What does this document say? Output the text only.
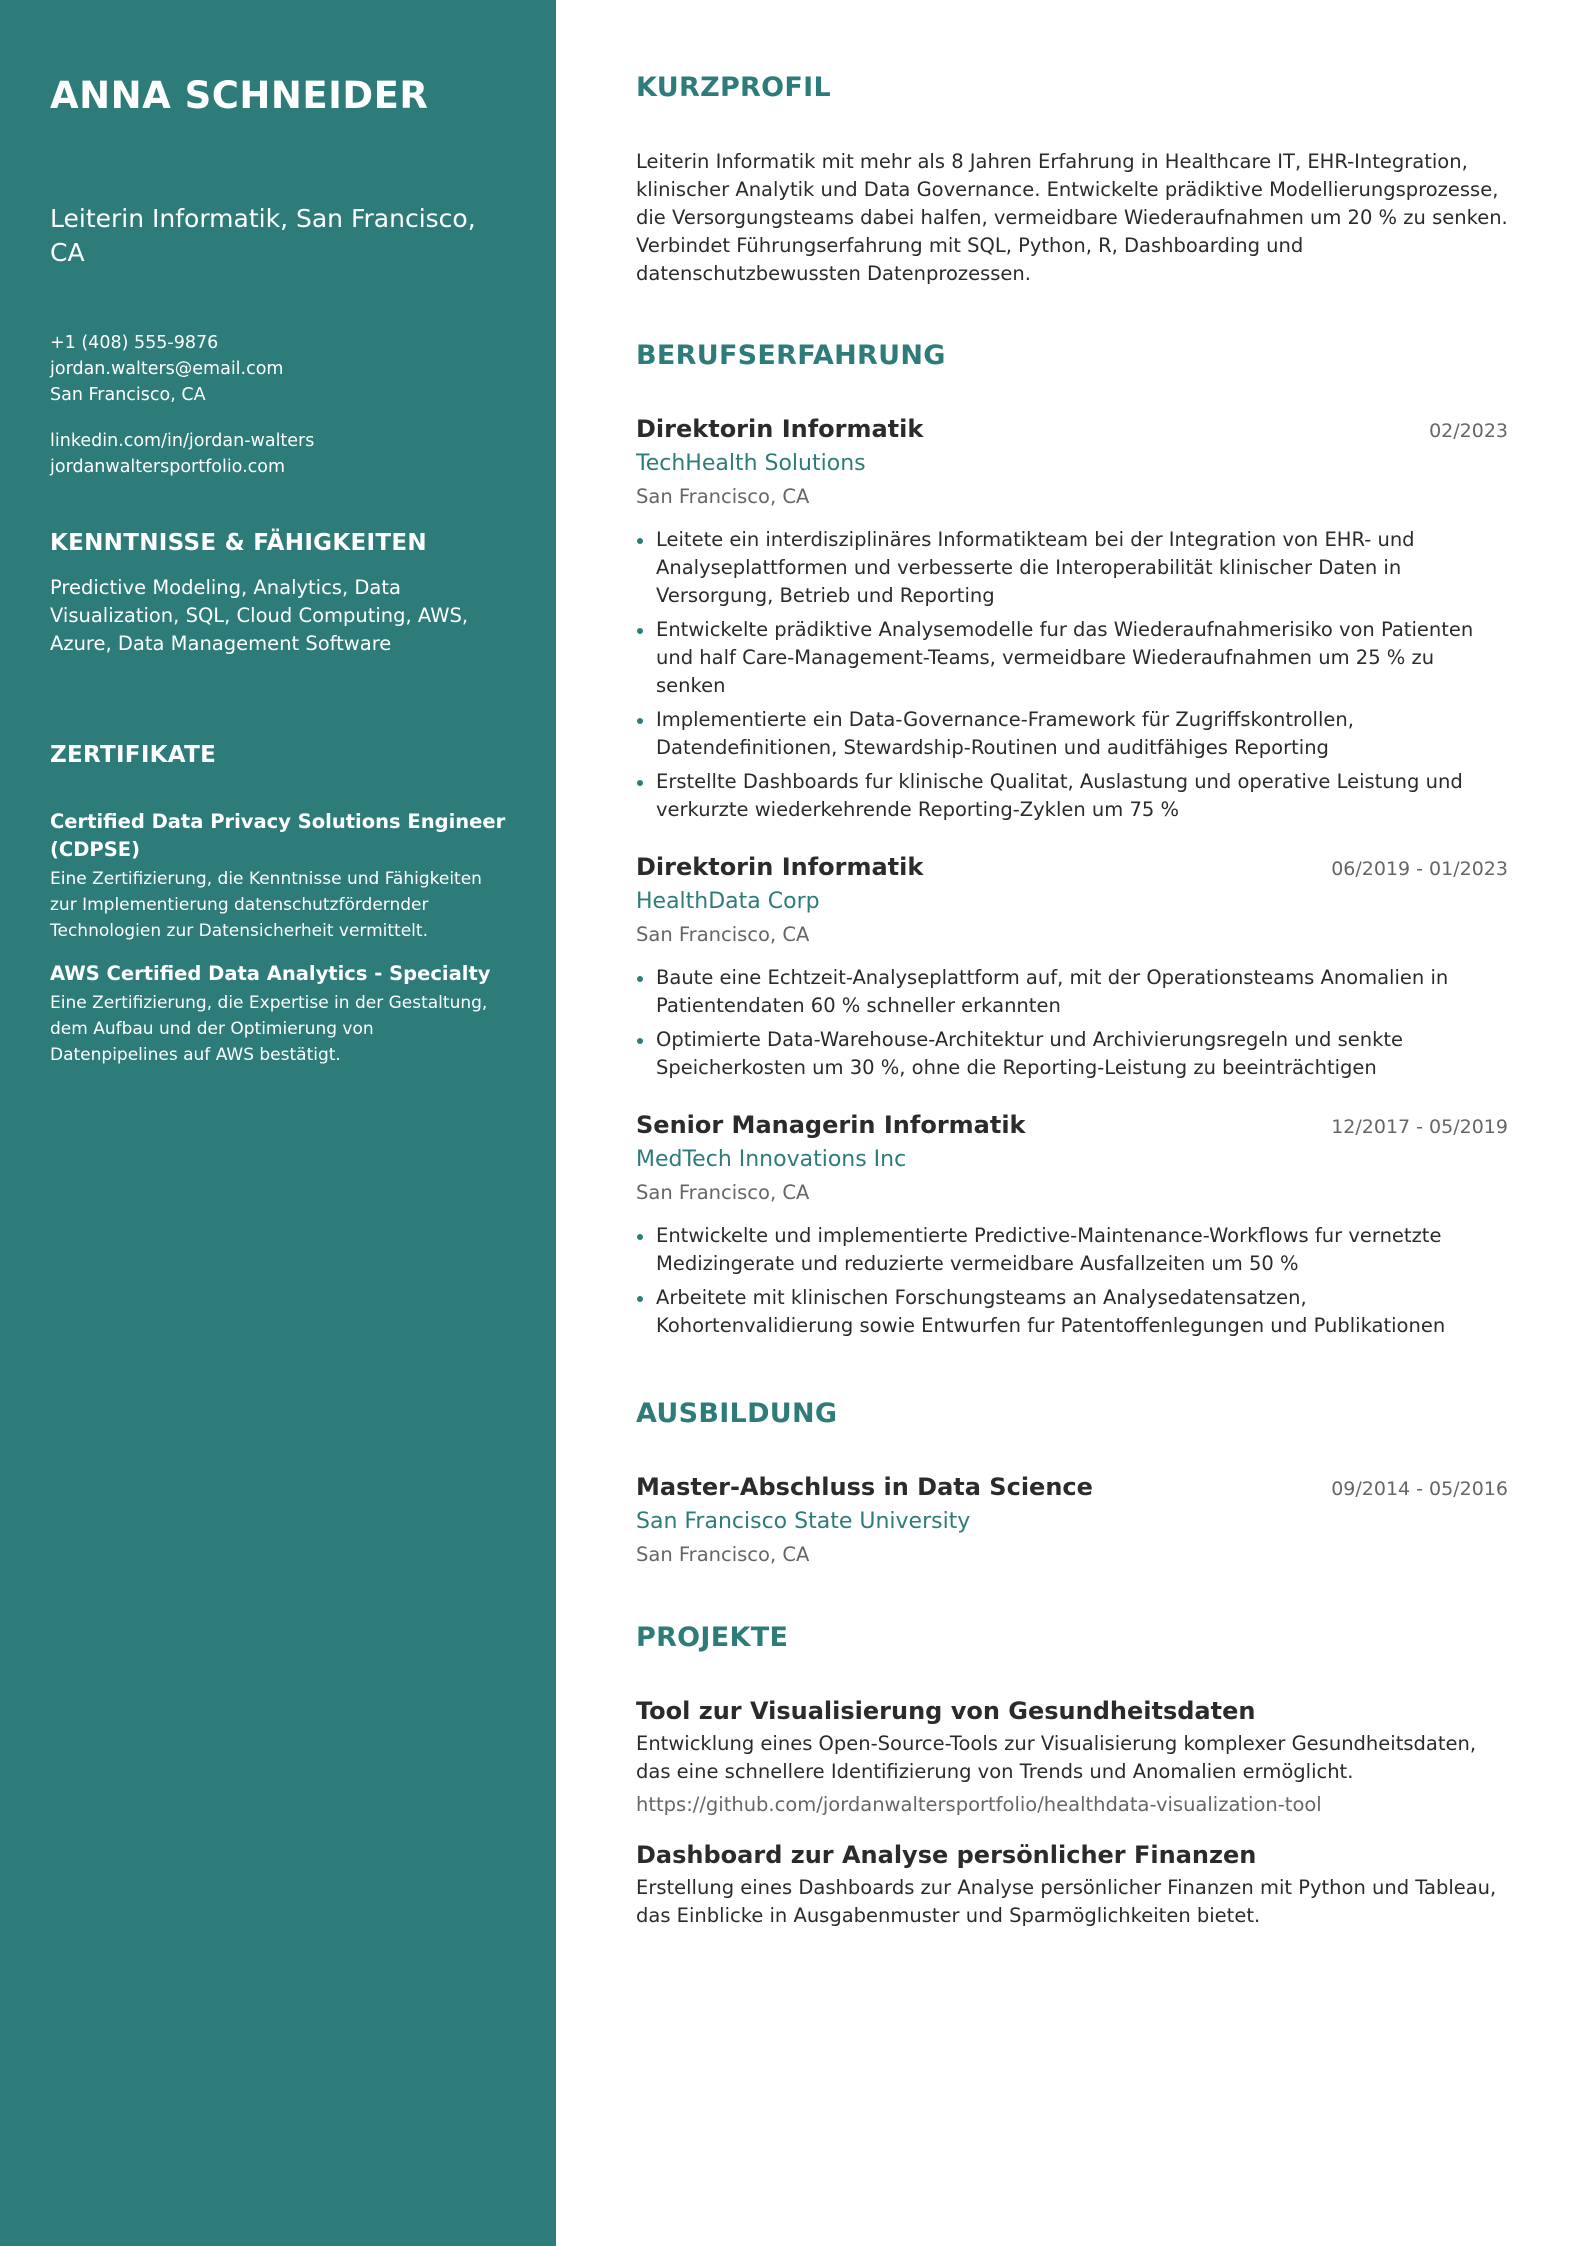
ANNA SCHNEIDER
Leiterin Informatik, San Francisco, CA
+1 (408) 555-9876
jordan.walters@email.com
San Francisco, CA
linkedin.com/in/jordan-walters
jordanwaltersportfolio.com
KENNTNISSE & FÄHIGKEITEN

Predictive Modeling, Analytics, Data Visualization, SQL, Cloud Computing, AWS, Azure, Data Management Software

ZERTIFIKATE
Certified Data Privacy Solutions Engineer (CDPSE)
Eine Zertifizierung, die Kenntnisse und Fähigkeiten zur Implementierung datenschutzfördernder Technologien zur Datensicherheit vermittelt.
AWS Certified Data Analytics - Specialty
Eine Zertifizierung, die Expertise in der Gestaltung, dem Aufbau und der Optimierung von Datenpipelines auf AWS bestätigt.
KURZPROFIL

Leiterin Informatik mit mehr als 8 Jahren Erfahrung in Healthcare IT, EHR-Integration, klinischer Analytik und Data Governance. Entwickelte prädiktive Modellierungsprozesse, die Versorgungsteams dabei halfen, vermeidbare Wiederaufnahmen um 20 % zu senken. Verbindet Führungserfahrung mit SQL, Python, R, Dashboarding und datenschutzbewussten Datenprozessen.

BERUFSERFAHRUNG
Direktorin Informatik	02/2023
TechHealth Solutions
San Francisco, CA
Leitete ein interdisziplinäres Informatikteam bei der Integration von EHR- und Analyseplattformen und verbesserte die Interoperabilität klinischer Daten in Versorgung, Betrieb und Reporting
Entwickelte prädiktive Analysemodelle fur das Wiederaufnahmerisiko von Patienten und half Care-Management-Teams, vermeidbare Wiederaufnahmen um 25 % zu senken
Implementierte ein Data-Governance-Framework für Zugriffskontrollen, Datendefinitionen, Stewardship-Routinen und auditfähiges Reporting
Erstellte Dashboards fur klinische Qualitat, Auslastung und operative Leistung und verkurzte wiederkehrende Reporting-Zyklen um 75 %
Direktorin Informatik	06/2019 - 01/2023
HealthData Corp
San Francisco, CA
Baute eine Echtzeit-Analyseplattform auf, mit der Operationsteams Anomalien in Patientendaten 60 % schneller erkannten
Optimierte Data-Warehouse-Architektur und Archivierungsregeln und senkte Speicherkosten um 30 %, ohne die Reporting-Leistung zu beeinträchtigen
Senior Managerin Informatik	12/2017 - 05/2019
MedTech Innovations Inc
San Francisco, CA
Entwickelte und implementierte Predictive-Maintenance-Workflows fur vernetzte Medizingerate und reduzierte vermeidbare Ausfallzeiten um 50 %
Arbeitete mit klinischen Forschungsteams an Analysedatensatzen, Kohortenvalidierung sowie Entwurfen fur Patentoffenlegungen und Publikationen
AUSBILDUNG
Master-Abschluss in Data Science	09/2014 - 05/2016
San Francisco State University
San Francisco, CA
PROJEKTE
Tool zur Visualisierung von Gesundheitsdaten
Entwicklung eines Open-Source-Tools zur Visualisierung komplexer Gesundheitsdaten, das eine schnellere Identifizierung von Trends und Anomalien ermöglicht.
https://github.com/jordanwaltersportfolio/healthdata-visualization-tool
Dashboard zur Analyse persönlicher Finanzen
Erstellung eines Dashboards zur Analyse persönlicher Finanzen mit Python und Tableau, das Einblicke in Ausgabenmuster und Sparmöglichkeiten bietet.
